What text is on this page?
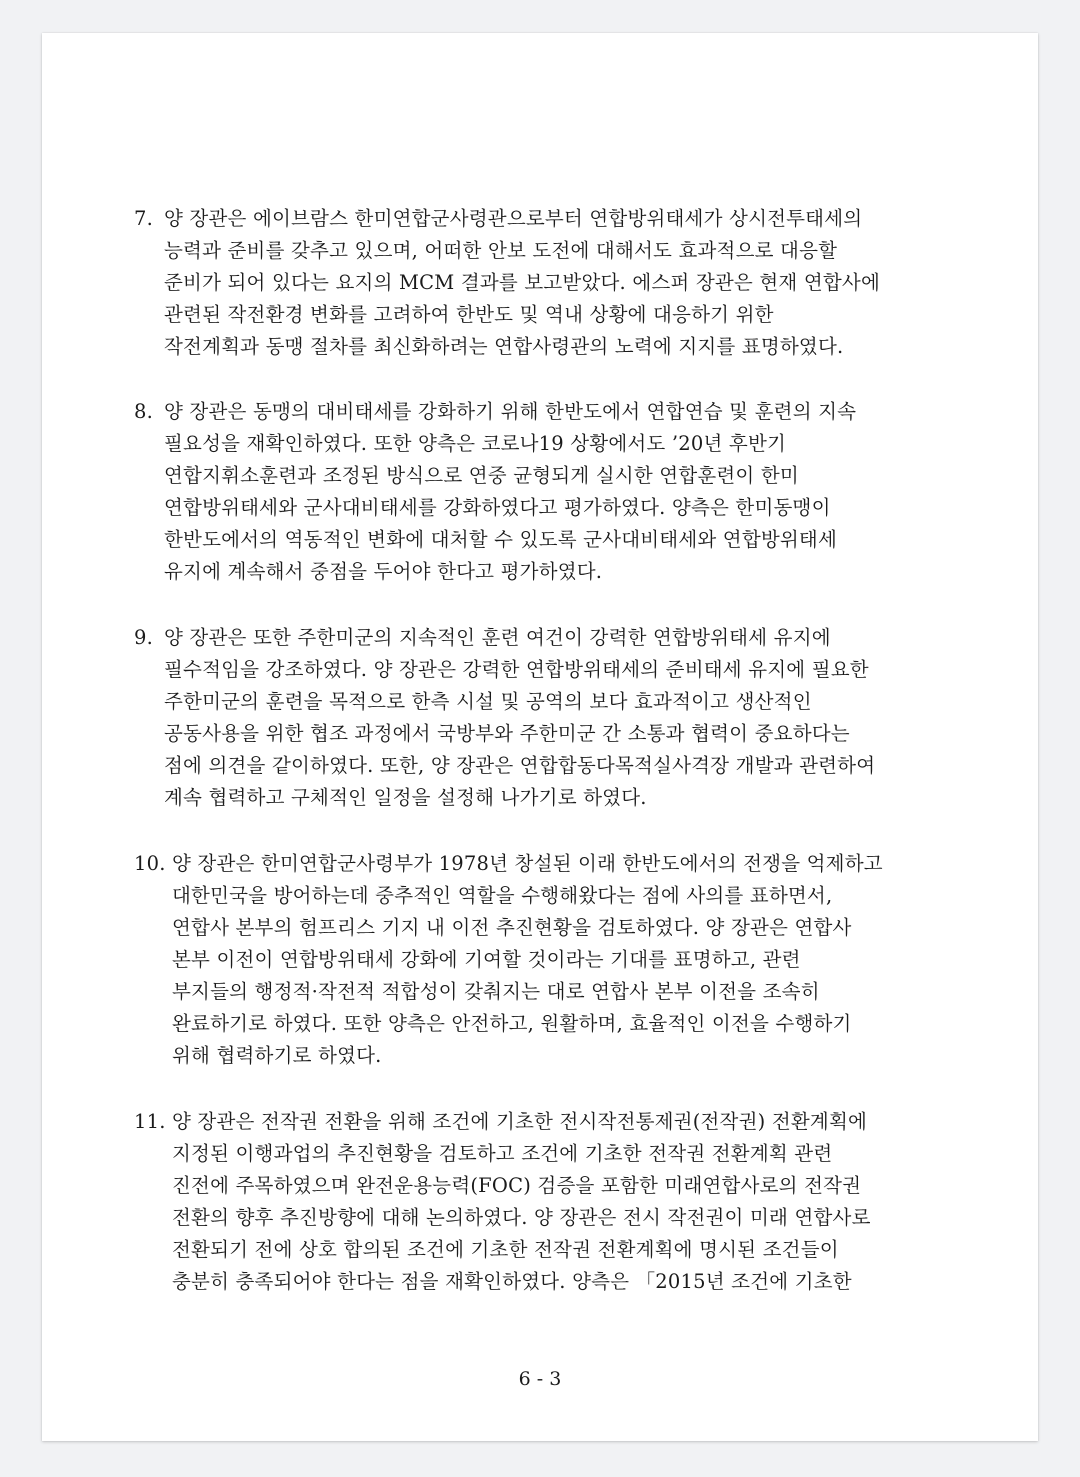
7. 양 장관은 에이브람스 한미연합군사령관으로부터 연합방위태세가 상시전투태세의
능력과 준비를 갖추고 있으며, 어떠한 안보 도전에 대해서도 효과적으로 대응할
준비가 되어 있다는 요지의 MCM 결과를 보고받았다. 에스퍼 장관은 현재 연합사에
관련된 작전환경 변화를 고려하여 한반도 및 역내 상황에 대응하기 위한
작전계획과 동맹 절차를 최신화하려는 연합사령관의 노력에 지지를 표명하였다.
8. 양 장관은 동맹의 대비태세를 강화하기 위해 한반도에서 연합연습 및 훈련의 지속
필요성을 재확인하였다. 또한 양측은 코로나19 상황에서도 ’20년 후반기
연합지휘소훈련과 조정된 방식으로 연중 균형되게 실시한 연합훈련이 한미
연합방위태세와 군사대비태세를 강화하였다고 평가하였다. 양측은 한미동맹이
한반도에서의 역동적인 변화에 대처할 수 있도록 군사대비태세와 연합방위태세
유지에 계속해서 중점을 두어야 한다고 평가하였다.
9. 양 장관은 또한 주한미군의 지속적인 훈련 여건이 강력한 연합방위태세 유지에
필수적임을 강조하였다. 양 장관은 강력한 연합방위태세의 준비태세 유지에 필요한
주한미군의 훈련을 목적으로 한측 시설 및 공역의 보다 효과적이고 생산적인
공동사용을 위한 협조 과정에서 국방부와 주한미군 간 소통과 협력이 중요하다는
점에 의견을 같이하였다. 또한, 양 장관은 연합합동다목적실사격장 개발과 관련하여
계속 협력하고 구체적인 일정을 설정해 나가기로 하였다.
10. 양 장관은 한미연합군사령부가 1978년 창설된 이래 한반도에서의 전쟁을 억제하고
대한민국을 방어하는데 중추적인 역할을 수행해왔다는 점에 사의를 표하면서,
연합사 본부의 험프리스 기지 내 이전 추진현황을 검토하였다. 양 장관은 연합사
본부 이전이 연합방위태세 강화에 기여할 것이라는 기대를 표명하고, 관련
부지들의 행정적·작전적 적합성이 갖춰지는 대로 연합사 본부 이전을 조속히
완료하기로 하였다. 또한 양측은 안전하고, 원활하며, 효율적인 이전을 수행하기
위해 협력하기로 하였다.
11. 양 장관은 전작권 전환을 위해 조건에 기초한 전시작전통제권(전작권) 전환계획에
지정된 이행과업의 추진현황을 검토하고 조건에 기초한 전작권 전환계획 관련
진전에 주목하였으며 완전운용능력(FOC) 검증을 포함한 미래연합사로의 전작권
전환의 향후 추진방향에 대해 논의하였다. 양 장관은 전시 작전권이 미래 연합사로
전환되기 전에 상호 합의된 조건에 기초한 전작권 전환계획에 명시된 조건들이
충분히 충족되어야 한다는 점을 재확인하였다. 양측은 「2015년 조건에 기초한
6 - 3
